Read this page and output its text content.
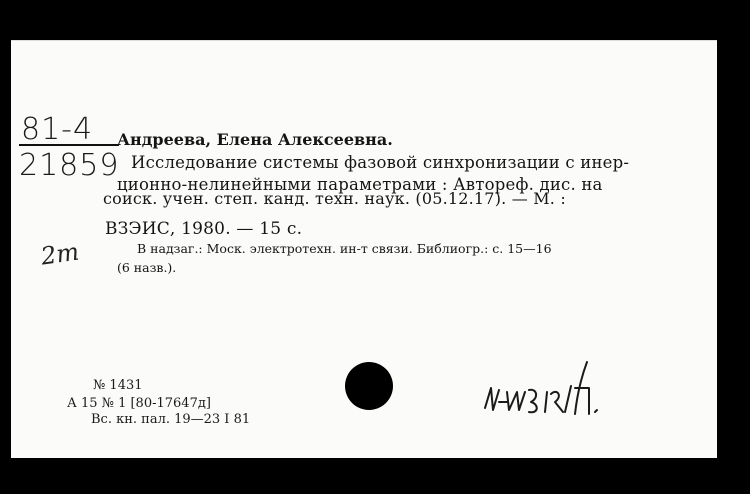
81-4
21859
Андреева, Елена Алексеевна.
Исследование системы фазовой синхронизации с инер-
ционно-нелинейными параметрами : Автореф. дис. на
соиск. учен. степ. канд. техн. наук. (05.12.17). — М. :
ВЗЭИС, 1980. — 15 с.
В надзаг.: Моск. электротехн. ин-т связи. Библиогр.: с. 15—16
(6 назв.).
2т
№ 1431
А 15 № 1 [80-17647д]
Вс. кн. пал. 19—23 I 81
